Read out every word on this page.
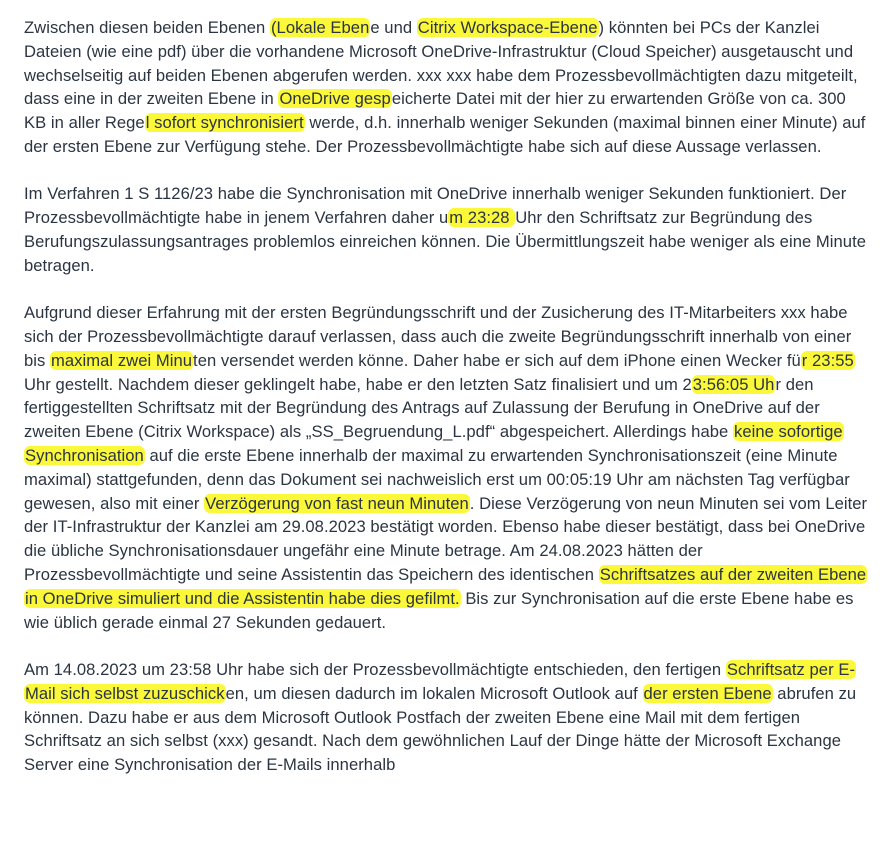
Zwischen diesen beiden Ebenen (Lokale Ebene und Citrix Workspace-Ebene) könnten bei PCs der Kanzlei Dateien (wie eine pdf) über die vorhandene Microsoft OneDrive-Infrastruktur (Cloud Speicher) ausgetauscht und wechselseitig auf beiden Ebenen abgerufen werden. xxx xxx habe dem Prozessbevollmächtigten dazu mitgeteilt, dass eine in der zweiten Ebene in OneDrive gespeicherte Datei mit der hier zu erwartenden Größe von ca. 300 KB in aller Regel sofort synchronisiert werde, d.h. innerhalb weniger Sekunden (maximal binnen einer Minute) auf der ersten Ebene zur Verfügung stehe. Der Prozessbevollmächtigte habe sich auf diese Aussage verlassen.

Im Verfahren 1 S 1126/23 habe die Synchronisation mit OneDrive innerhalb weniger Sekunden funktioniert. Der Prozessbevollmächtigte habe in jenem Verfahren daher um 23:28 Uhr den Schriftsatz zur Begründung des Berufungszulassungsantrages problemlos einreichen können. Die Übermittlungszeit habe weniger als eine Minute betragen.

Aufgrund dieser Erfahrung mit der ersten Begründungsschrift und der Zusicherung des IT-Mitarbeiters xxx habe sich der Prozessbevollmächtigte darauf verlassen, dass auch die zweite Begründungsschrift innerhalb von einer bis maximal zwei Minuten versendet werden könne. Daher habe er sich auf dem iPhone einen Wecker für 23:55 Uhr gestellt. Nachdem dieser geklingelt habe, habe er den letzten Satz finalisiert und um 23:56:05 Uhr den fertiggestellten Schriftsatz mit der Begründung des Antrags auf Zulassung der Berufung in OneDrive auf der zweiten Ebene (Citrix Workspace) als „SS_Begruendung_L.pdf“ abgespeichert. Allerdings habe keine sofortige Synchronisation auf die erste Ebene innerhalb der maximal zu erwartenden Synchronisationszeit (eine Minute maximal) stattgefunden, denn das Dokument sei nachweislich erst um 00:05:19 Uhr am nächsten Tag verfügbar gewesen, also mit einer Verzögerung von fast neun Minuten. Diese Verzögerung von neun Minuten sei vom Leiter der IT-Infrastruktur der Kanzlei am 29.08.2023 bestätigt worden. Ebenso habe dieser bestätigt, dass bei OneDrive die übliche Synchronisationsdauer ungefähr eine Minute betrage. Am 24.08.2023 hätten der Prozessbevollmächtigte und seine Assistentin das Speichern des identischen Schriftsatzes auf der zweiten Ebene in OneDrive simuliert und die Assistentin habe dies gefilmt. Bis zur Synchronisation auf die erste Ebene habe es wie üblich gerade einmal 27 Sekunden gedauert.

Am 14.08.2023 um 23:58 Uhr habe sich der Prozessbevollmächtigte entschieden, den fertigen Schriftsatz per E-Mail sich selbst zuzuschicken, um diesen dadurch im lokalen Microsoft Outlook auf der ersten Ebene abrufen zu können. Dazu habe er aus dem Microsoft Outlook Postfach der zweiten Ebene eine Mail mit dem fertigen Schriftsatz an sich selbst (xxx) gesandt. Nach dem gewöhnlichen Lauf der Dinge hätte der Microsoft Exchange Server eine Synchronisation der E-Mails innerhalb
